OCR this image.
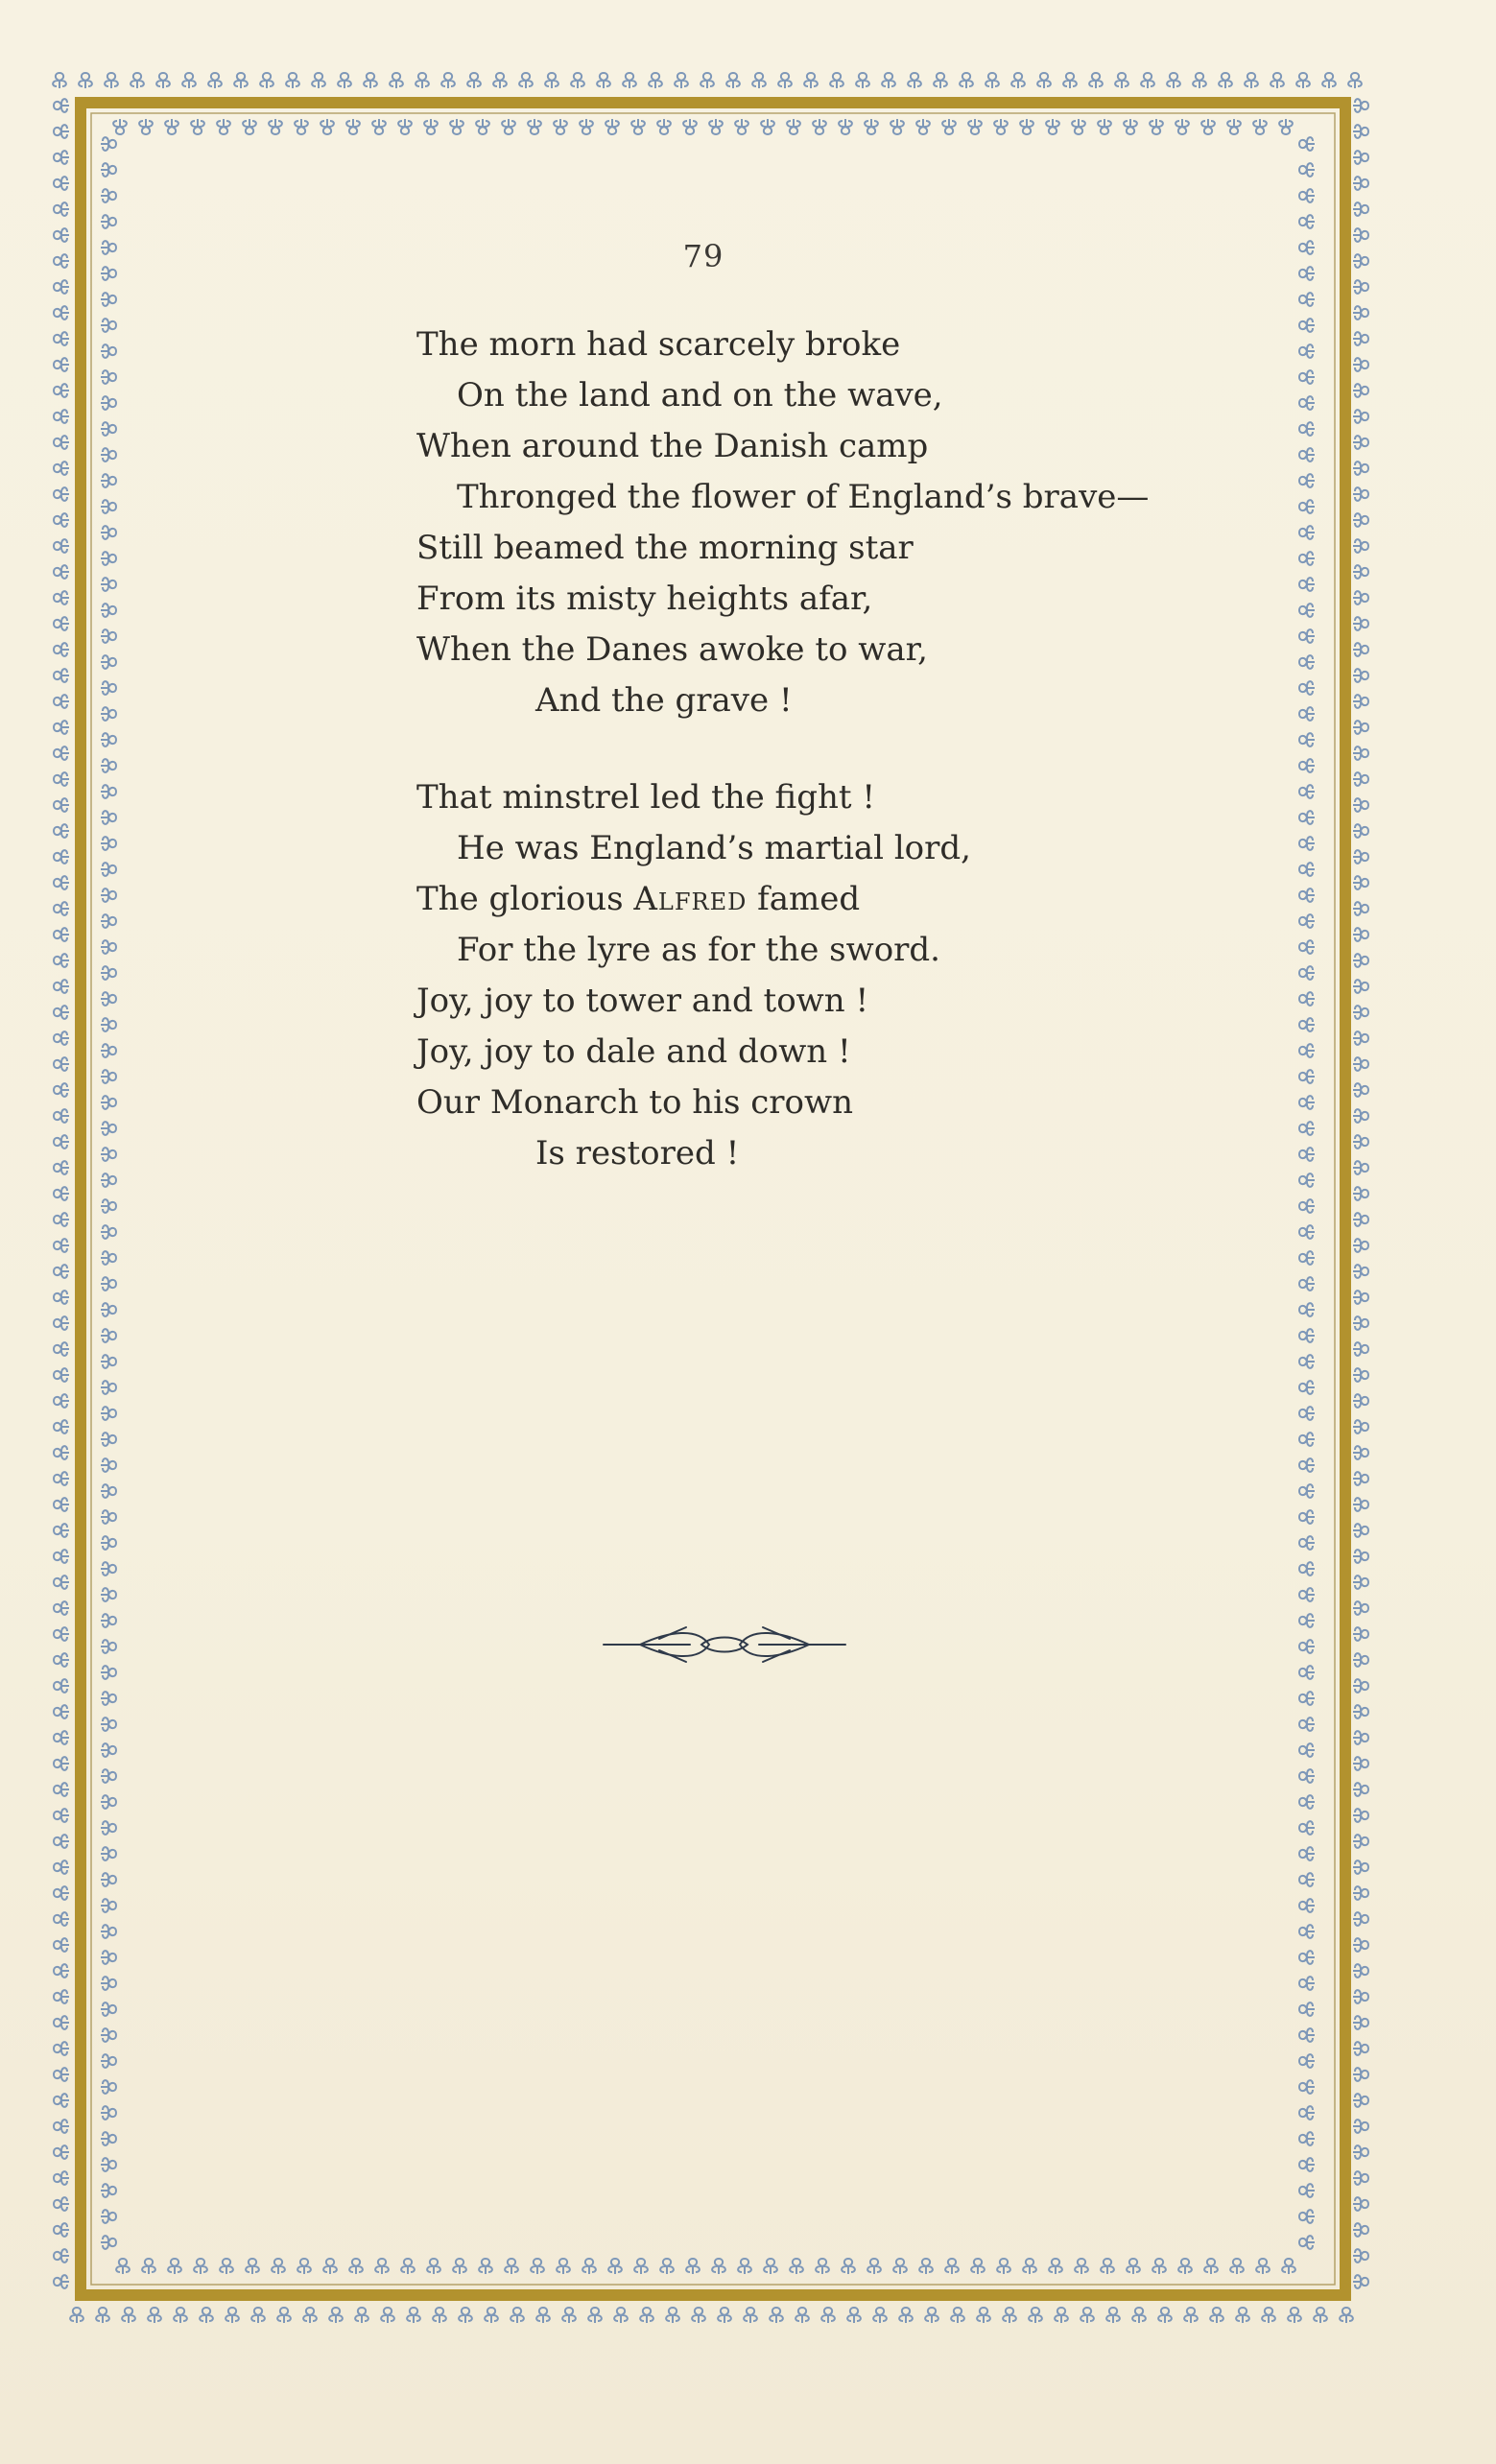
79
The morn had scarcely broke
On the land and on the wave,
When around the Danish camp
Thronged the flower of England’s brave—
Still beamed the morning star
From its misty heights afar,
When the Danes awoke to war,
And the grave !
That minstrel led the fight !
He was England’s martial lord,
The glorious Alfred famed
For the lyre as for the sword.
Joy, joy to tower and town !
Joy, joy to dale and down !
Our Monarch to his crown
Is restored !
